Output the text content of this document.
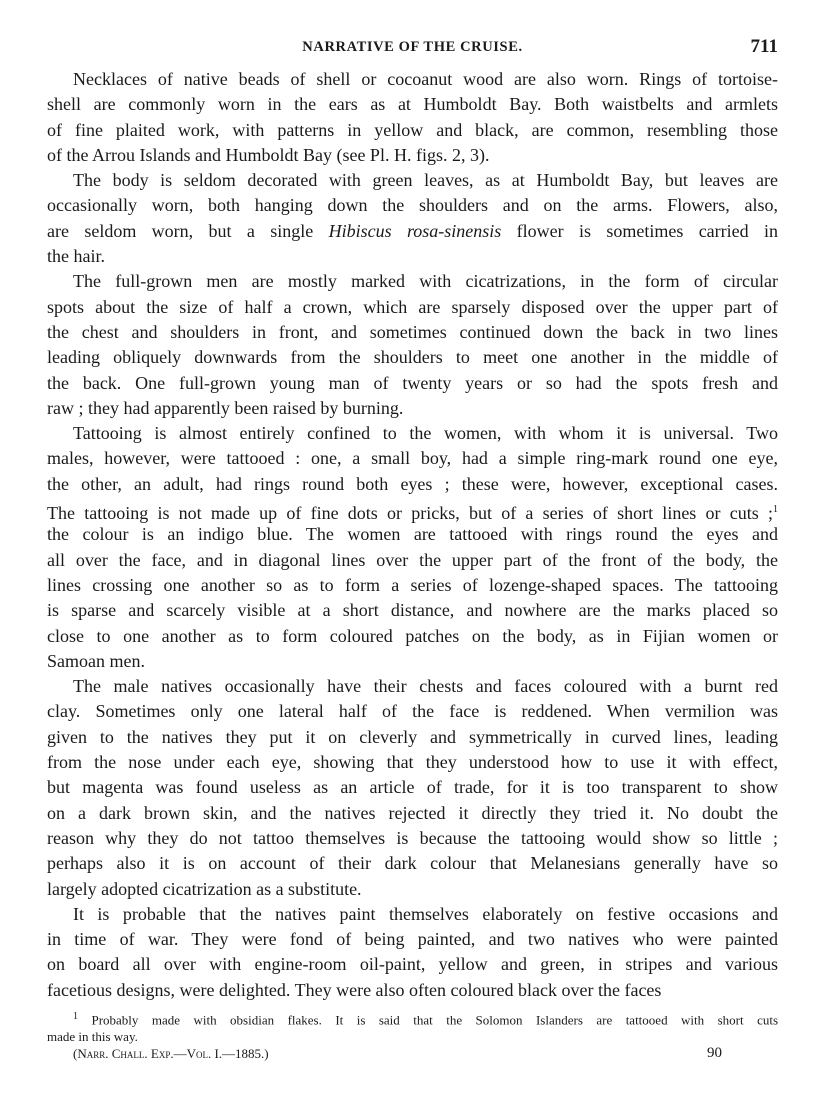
NARRATIVE OF THE CRUISE.	711
Necklaces of native beads of shell or cocoanut wood are also worn. Rings of tortoise-
shell are commonly worn in the ears as at Humboldt Bay. Both waistbelts and armlets
of fine plaited work, with patterns in yellow and black, are common, resembling those
of the Arrou Islands and Humboldt Bay (see Pl. H. figs. 2, 3).
The body is seldom decorated with green leaves, as at Humboldt Bay, but leaves are
occasionally worn, both hanging down the shoulders and on the arms. Flowers, also,
are seldom worn, but a single Hibiscus rosa-sinensis flower is sometimes carried in
the hair.
The full-grown men are mostly marked with cicatrizations, in the form of circular
spots about the size of half a crown, which are sparsely disposed over the upper part of
the chest and shoulders in front, and sometimes continued down the back in two lines
leading obliquely downwards from the shoulders to meet one another in the middle of
the back. One full-grown young man of twenty years or so had the spots fresh and
raw ; they had apparently been raised by burning.
Tattooing is almost entirely confined to the women, with whom it is universal. Two
males, however, were tattooed : one, a small boy, had a simple ring-mark round one eye,
the other, an adult, had rings round both eyes ; these were, however, exceptional cases.
The tattooing is not made up of fine dots or pricks, but of a series of short lines or cuts ;$^1$
the colour is an indigo blue. The women are tattooed with rings round the eyes and
all over the face, and in diagonal lines over the upper part of the front of the body, the
lines crossing one another so as to form a series of lozenge-shaped spaces. The tattooing
is sparse and scarcely visible at a short distance, and nowhere are the marks placed so
close to one another as to form coloured patches on the body, as in Fijian women or
Samoan men.
The male natives occasionally have their chests and faces coloured with a burnt red
clay. Sometimes only one lateral half of the face is reddened. When vermilion was
given to the natives they put it on cleverly and symmetrically in curved lines, leading
from the nose under each eye, showing that they understood how to use it with effect,
but magenta was found useless as an article of trade, for it is too transparent to show
on a dark brown skin, and the natives rejected it directly they tried it. No doubt the
reason why they do not tattoo themselves is because the tattooing would show so little ;
perhaps also it is on account of their dark colour that Melanesians generally have so
largely adopted cicatrization as a substitute.
It is probable that the natives paint themselves elaborately on festive occasions and
in time of war. They were fond of being painted, and two natives who were painted
on board all over with engine-room oil-paint, yellow and green, in stripes and various
facetious designs, were delighted. They were also often coloured black over the faces
$^1$ Probably made with obsidian flakes. It is said that the Solomon Islanders are tattooed with short cuts
made in this way.
(Narr. Chall. Exp.—Vol. I.—1885.)	90
